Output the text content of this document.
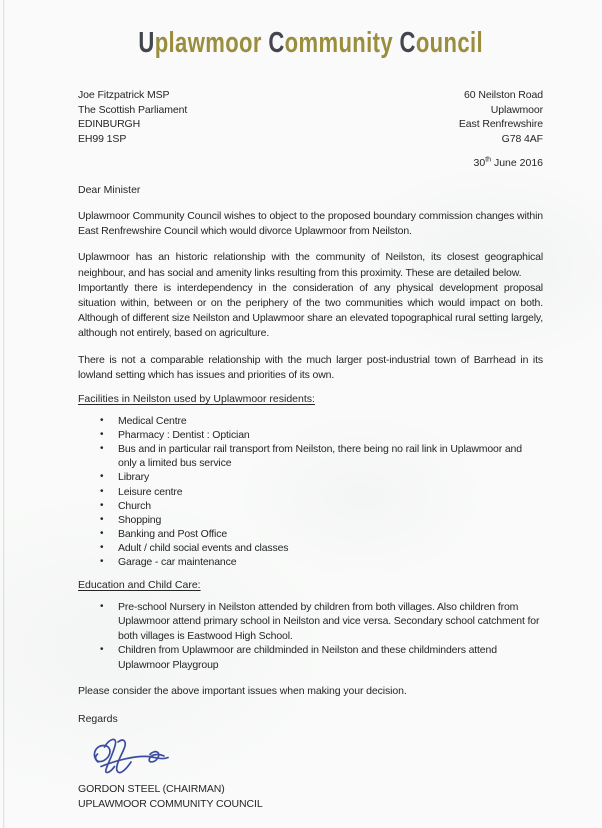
Uplawmoor Community Council
Joe Fitzpatrick MSP
The Scottish Parliament
EDINBURGH
EH99 1SP
60 Neilston Road
Uplawmoor
East Renfrewshire
G78 4AF
30th June 2016

Dear Minister

Uplawmoor Community Council wishes to object to the proposed boundary commission changes within East Renfrewshire Council which would divorce Uplawmoor from Neilston.

Uplawmoor has an historic relationship with the community of Neilston, its closest geographical neighbour, and has social and amenity links resulting from this proximity. These are detailed below.

Importantly there is interdependency in the consideration of any physical development proposal situation within, between or on the periphery of the two communities which would impact on both. Although of different size Neilston and Uplawmoor share an elevated topographical rural setting largely, although not entirely, based on agriculture.

There is not a comparable relationship with the much larger post-industrial town of Barrhead in its lowland setting which has issues and priorities of its own.

Facilities in Neilston used by Uplawmoor residents:
•	Medical Centre
•	Pharmacy : Dentist : Optician
•	Bus and in particular rail transport from Neilston, there being no rail link in Uplawmoor and only a limited bus service
•	Library
•	Leisure centre
•	Church
•	Shopping
•	Banking and Post Office
•	Adult / child social events and classes
•	Garage - car maintenance
Education and Child Care:
•	Pre-school Nursery in Neilston attended by children from both villages. Also children from Uplawmoor attend primary school in Neilston and vice versa. Secondary school catchment for both villages is Eastwood High School.
•	Children from Uplawmoor are childminded in Neilston and these childminders attend Uplawmoor Playgroup

Please consider the above important issues when making your decision.

Regards

GORDON STEEL (CHAIRMAN)
UPLAWMOOR COMMUNITY COUNCIL
